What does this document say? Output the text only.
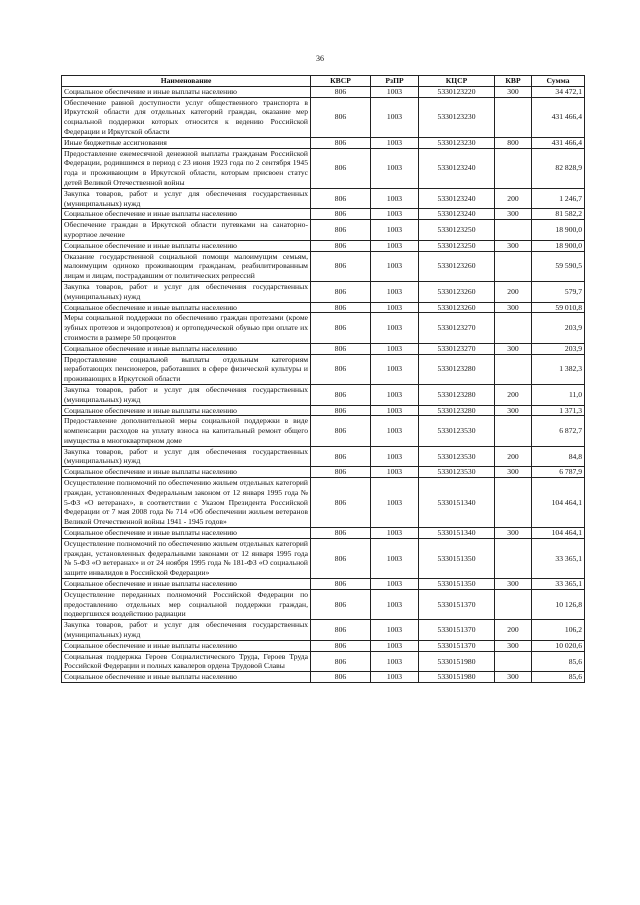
36
Наименование	КВСР	РзПР	КЦСР	КВР	Сумма
Социальное обеспечение и иные выплаты населению	806	1003	5330123220	300	34 472,1
Обеспечение равной доступности услуг общественного транспорта в Иркутской области для отдельных категорий граждан, оказание мер социальной поддержки которых относится к ведению Российской Федерации и Иркутской области	806	1003	5330123230		431 466,4
Иные бюджетные ассигнования	806	1003	5330123230	800	431 466,4
Предоставление ежемесячной денежной выплаты гражданам Российской Федерации, родившимся в период с 23 июня 1923 года по 2 сентября 1945 года и проживающим в Иркутской области, которым присвоен статус детей Великой Отечественной войны	806	1003	5330123240		82 828,9
Закупка товаров, работ и услуг для обеспечения государственных (муниципальных) нужд	806	1003	5330123240	200	1 246,7
Социальное обеспечение и иные выплаты населению	806	1003	5330123240	300	81 582,2
Обеспечение граждан в Иркутской области путевками на санаторно-курортное лечение	806	1003	5330123250		18 900,0
Социальное обеспечение и иные выплаты населению	806	1003	5330123250	300	18 900,0
Оказание государственной социальной помощи малоимущим семьям, малоимущим одиноко проживающим гражданам, реабилитированным лицам и лицам, пострадавшим от политических репрессий	806	1003	5330123260		59 590,5
Закупка товаров, работ и услуг для обеспечения государственных (муниципальных) нужд	806	1003	5330123260	200	579,7
Социальное обеспечение и иные выплаты населению	806	1003	5330123260	300	59 010,8
Меры социальной поддержки по обеспечению граждан протезами (кроме зубных протезов и эндопротезов) и ортопедической обувью при оплате их стоимости в размере 50 процентов	806	1003	5330123270		203,9
Социальное обеспечение и иные выплаты населению	806	1003	5330123270	300	203,9
Предоставление социальной выплаты отдельным категориям неработающих пенсионеров, работавших в сфере физической культуры и проживающих в Иркутской области	806	1003	5330123280		1 382,3
Закупка товаров, работ и услуг для обеспечения государственных (муниципальных) нужд	806	1003	5330123280	200	11,0
Социальное обеспечение и иные выплаты населению	806	1003	5330123280	300	1 371,3
Предоставление дополнительной меры социальной поддержки в виде компенсации расходов на уплату взноса на капитальный ремонт общего имущества в многоквартирном доме	806	1003	5330123530		6 872,7
Закупка товаров, работ и услуг для обеспечения государственных (муниципальных) нужд	806	1003	5330123530	200	84,8
Социальное обеспечение и иные выплаты населению	806	1003	5330123530	300	6 787,9
Осуществление полномочий по обеспечению жильем отдельных категорий граждан, установленных Федеральным законом от 12 января 1995 года № 5-ФЗ «О ветеранах», в соответствии с Указом Президента Российской Федерации от 7 мая 2008 года № 714 «Об обеспечении жильем ветеранов Великой Отечественной войны 1941 - 1945 годов»	806	1003	5330151340		104 464,1
Социальное обеспечение и иные выплаты населению	806	1003	5330151340	300	104 464,1
Осуществление полномочий по обеспечению жильем отдельных категорий граждан, установленных федеральными законами от 12 января 1995 года № 5-ФЗ «О ветеранах» и от 24 ноября 1995 года № 181-ФЗ «О социальной защите инвалидов в Российской Федерации»	806	1003	5330151350		33 365,1
Социальное обеспечение и иные выплаты населению	806	1003	5330151350	300	33 365,1
Осуществление переданных полномочий Российской Федерации по предоставлению отдельных мер социальной поддержки граждан, подвергшихся воздействию радиации	806	1003	5330151370		10 126,8
Закупка товаров, работ и услуг для обеспечения государственных (муниципальных) нужд	806	1003	5330151370	200	106,2
Социальное обеспечение и иные выплаты населению	806	1003	5330151370	300	10 020,6
Социальная поддержка Героев Социалистического Труда, Героев Труда Российской Федерации и полных кавалеров ордена Трудовой Славы	806	1003	5330151980		85,6
Социальное обеспечение и иные выплаты населению	806	1003	5330151980	300	85,6
